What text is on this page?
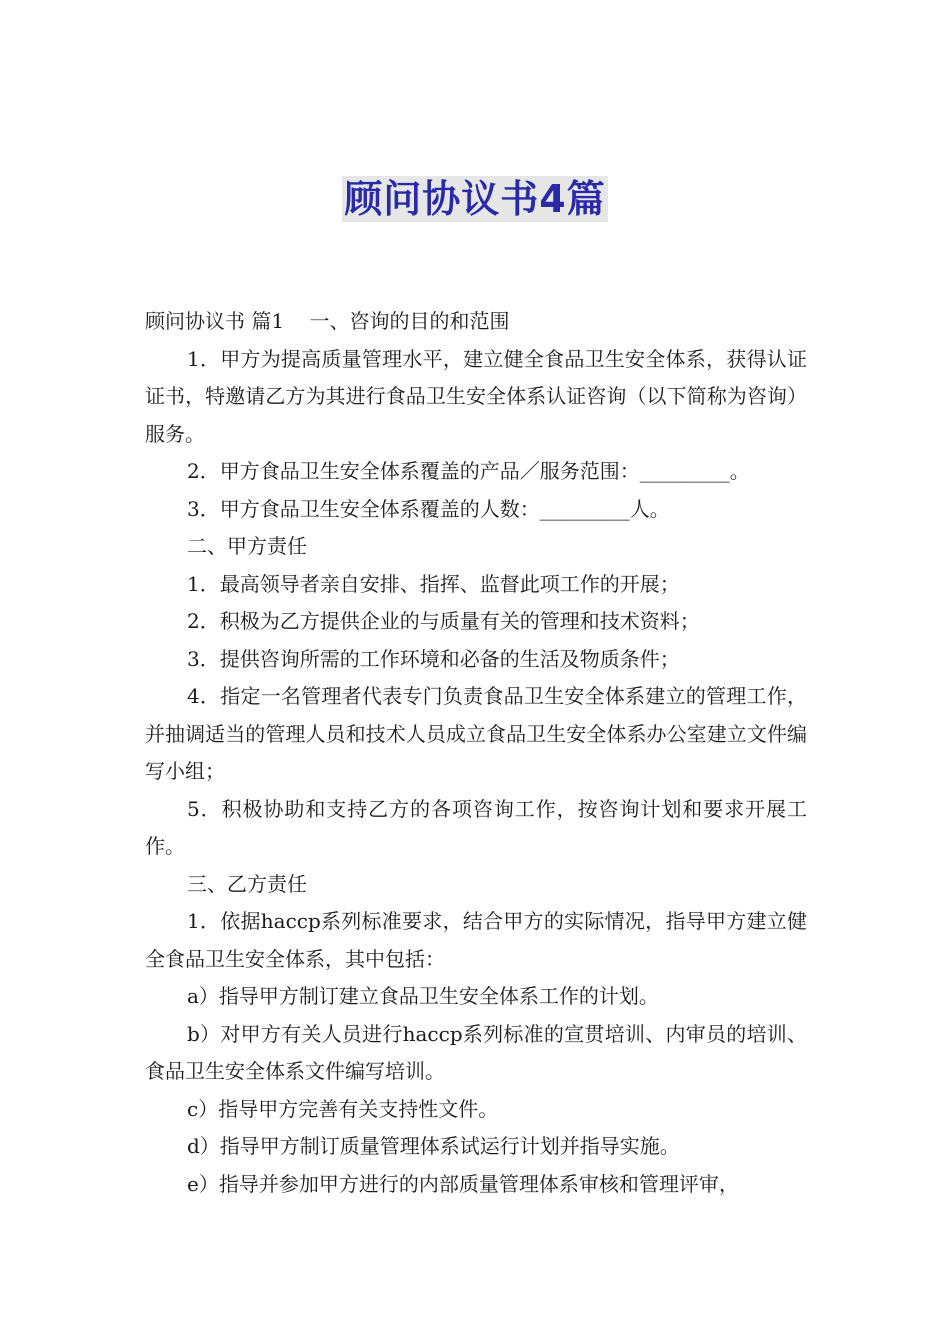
顾问协议书4篇

顾问协议书 篇1    一、咨询的目的和范围

1．甲方为提高质量管理水平，建立健全食品卫生安全体系，获得认证证书，特邀请乙方为其进行食品卫生安全体系认证咨询（以下简称为咨询）服务。

2．甲方食品卫生安全体系覆盖的产品／服务范围：_________。

3．甲方食品卫生安全体系覆盖的人数：_________人。

二、甲方责任

1．最高领导者亲自安排、指挥、监督此项工作的开展；

2．积极为乙方提供企业的与质量有关的管理和技术资料；

3．提供咨询所需的工作环境和必备的生活及物质条件；

4．指定一名管理者代表专门负责食品卫生安全体系建立的管理工作，并抽调适当的管理人员和技术人员成立食品卫生安全体系办公室建立文件编写小组；

5．积极协助和支持乙方的各项咨询工作，按咨询计划和要求开展工作。

三、乙方责任

1．依据haccp系列标准要求，结合甲方的实际情况，指导甲方建立健全食品卫生安全体系，其中包括：

a）指导甲方制订建立食品卫生安全体系工作的计划。

b）对甲方有关人员进行haccp系列标准的宣贯培训、内审员的培训、食品卫生安全体系文件编写培训。

c）指导甲方完善有关支持性文件。

d）指导甲方制订质量管理体系试运行计划并指导实施。

e）指导并参加甲方进行的内部质量管理体系审核和管理评审，
